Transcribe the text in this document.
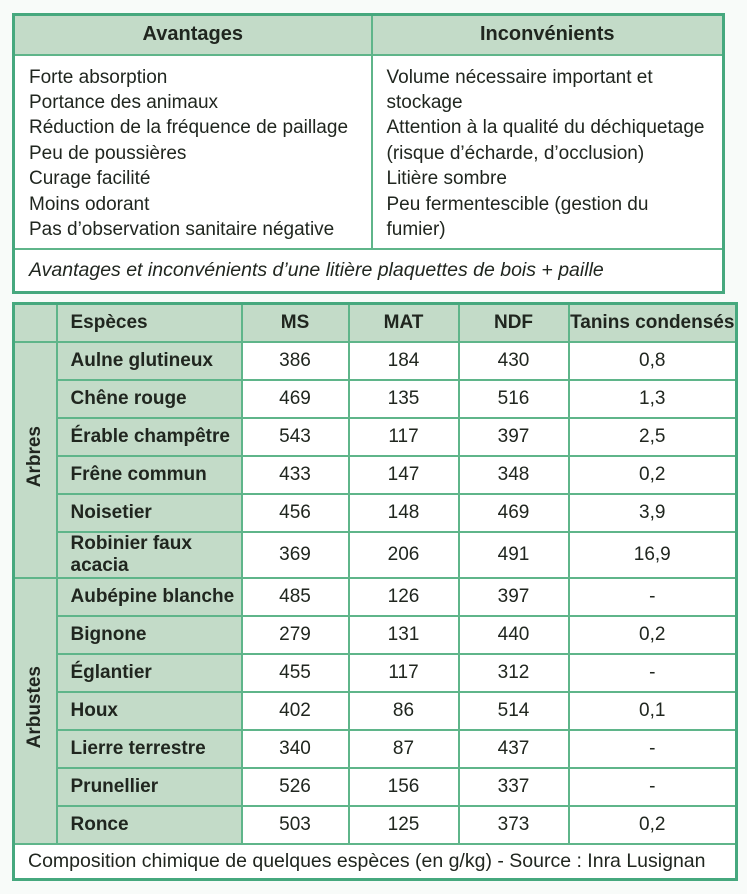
Avantages	Inconvénients

Forte absorption
Portance des animaux
Réduction de la fréquence de paillage
Peu de poussières
Curage facilité
Moins odorant
Pas d’observation sanitaire négative

Volume nécessaire important et stockage
Attention à la qualité du déchiquetage
(risque d’écharde, d’occlusion)
Litière sombre
Peu fermentescible (gestion du fumier)

Avantages et inconvénients d’une litière plaquettes de bois + paille	
	Espèces	MS	MAT	NDF	Tanins condensés
Arbres	Aulne glutineux	386	184	430	0,8
	Chêne rouge	469	135	516	1,3
	Érable champêtre	543	117	397	2,5
	Frêne commun	433	147	348	0,2
	Noisetier	456	148	469	3,9
	Robinier faux acacia	369	206	491	16,9
Arbustes	Aubépine blanche	485	126	397	-
	Bignone	279	131	440	0,2
	Églantier	455	117	312	-
	Houx	402	86	514	0,1
	Lierre terrestre	340	87	437	-
	Prunellier	526	156	337	-
	Ronce	503	125	373	0,2
Composition chimique de quelques espèces (en g/kg) - Source : Inra Lusignan					
